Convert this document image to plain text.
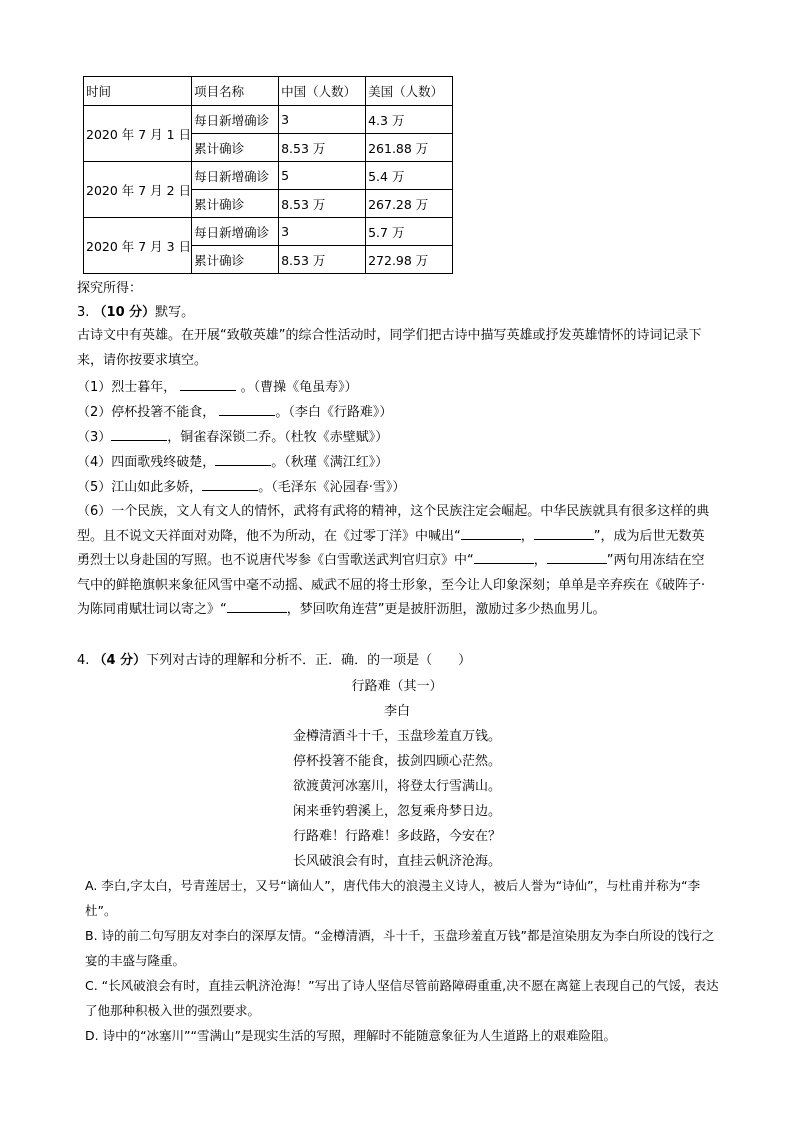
时间	项目名称	中国（人数）	美国（人数）
2020 年 7 月 1 日	每日新增确诊	3	4.3 万
	累计确诊	8.53 万	261.88 万
2020 年 7 月 2 日	每日新增确诊	5	5.4 万
	累计确诊	8.53 万	267.28 万
2020 年 7 月 3 日	每日新增确诊	3	5.7 万
	累计确诊	8.53 万	272.98 万
探究所得：
3. （10 分）默写。
古诗文中有英雄。在开展“致敬英雄”的综合性活动时，同学们把古诗中描写英雄或抒发英雄情怀的诗词记录下来，请你按要求填空。
（1）烈士暮年，	。（曹操《龟虽寿》）
（2）停杯投箸不能食，	。（李白《行路难》）
（3）	，铜雀春深锁二乔。（杜牧《赤壁赋》）
（4）四面歌残终破楚，	。（秋瑾《满江红》）
（5）江山如此多娇，	。（毛泽东《沁园春·雪》）
（6）一个民族，文人有文人的情怀，武将有武将的精神，这个民族注定会崛起。中华民族就具有很多这样的典型。且不说文天祥面对劝降，他不为所动，在《过零丁洋》中喊出“	，	”，成为后世无数英勇烈士以身赴国的写照。也不说唐代岑参《白雪歌送武判官归京》中“	，	”两句用冻结在空气中的鲜艳旗帜来象征风雪中毫不动摇、威武不屈的将士形象，至今让人印象深刻；单单是辛弃疾在《破阵子·为陈同甫赋壮词以寄之》“	，梦回吹角连营”更是披肝沥胆，激励过多少热血男儿。
4. （4 分）下列对古诗的理解和分析不．正．确．的一项是（　　）
行路难（其一）
李白
金樽清酒斗十千，玉盘珍羞直万钱。
停杯投箸不能食，拔剑四顾心茫然。
欲渡黄河冰塞川，将登太行雪满山。
闲来垂钓碧溪上，忽复乘舟梦日边。
行路难！行路难！多歧路，今安在？
长风破浪会有时，直挂云帆济沧海。
A. 李白,字太白，号青莲居士，又号“谪仙人”，唐代伟大的浪漫主义诗人，被后人誉为“诗仙”，与杜甫并称为“李杜”。
B. 诗的前二句写朋友对李白的深厚友情。“金樽清酒，斗十千，玉盘珍羞直万钱”都是渲染朋友为李白所设的饯行之宴的丰盛与隆重。
C. “长风破浪会有时，直挂云帆济沧海！”写出了诗人坚信尽管前路障碍重重,决不愿在离筵上表现自己的气馁，表达了他那种积极入世的强烈要求。
D. 诗中的“冰塞川”“雪满山”是现实生活的写照，理解时不能随意象征为人生道路上的艰难险阻。
